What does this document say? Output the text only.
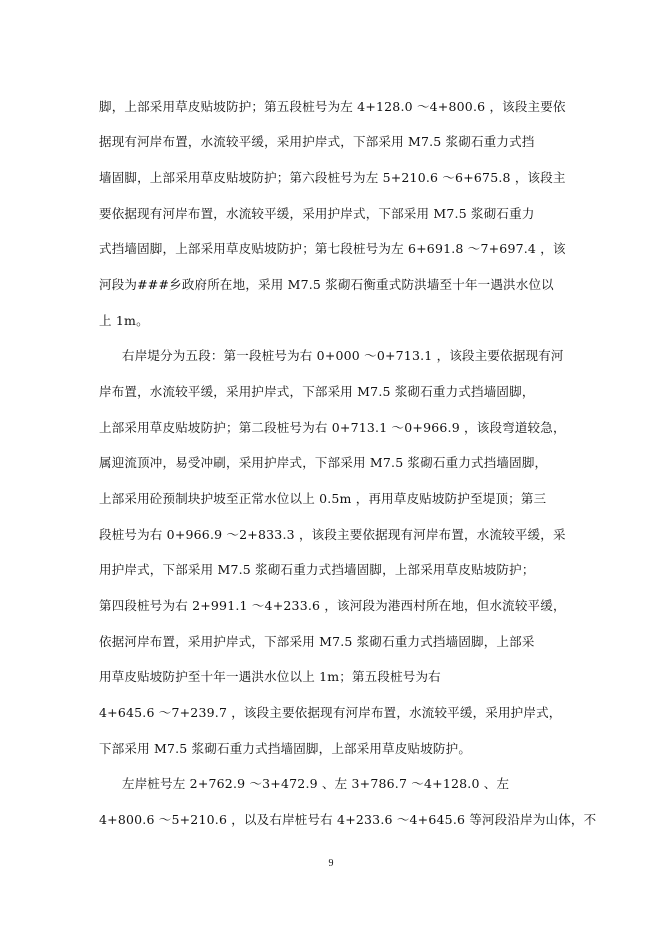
脚，上部采用草皮贴坡防护；第五段桩号为左 4+128.0 ～4+800.6 ，该段主要依
据现有河岸布置，水流较平缓，采用护岸式，下部采用 M7.5 浆砌石重力式挡
墙固脚，上部采用草皮贴坡防护；第六段桩号为左 5+210.6 ～6+675.8 ，该段主
要依据现有河岸布置，水流较平缓，采用护岸式，下部采用 M7.5 浆砌石重力
式挡墙固脚，上部采用草皮贴坡防护；第七段桩号为左 6+691.8 ～7+697.4 ，该
河段为###乡政府所在地，采用 M7.5 浆砌石衡重式防洪墙至十年一遇洪水位以
上 1m。
右岸堤分为五段：第一段桩号为右 0+000 ～0+713.1 ，该段主要依据现有河
岸布置，水流较平缓，采用护岸式，下部采用 M7.5 浆砌石重力式挡墙固脚，
上部采用草皮贴坡防护；第二段桩号为右 0+713.1 ～0+966.9 ，该段弯道较急，
属迎流顶冲，易受冲刷，采用护岸式，下部采用 M7.5 浆砌石重力式挡墙固脚，
上部采用砼预制块护坡至正常水位以上 0.5m ，再用草皮贴坡防护至堤顶；第三
段桩号为右 0+966.9 ～2+833.3 ，该段主要依据现有河岸布置，水流较平缓，采
用护岸式，下部采用 M7.5 浆砌石重力式挡墙固脚，上部采用草皮贴坡防护；
第四段桩号为右 2+991.1 ～4+233.6 ，该河段为港西村所在地，但水流较平缓，
依据河岸布置，采用护岸式，下部采用 M7.5 浆砌石重力式挡墙固脚，上部采
用草皮贴坡防护至十年一遇洪水位以上 1m；第五段桩号为右
4+645.6 ～7+239.7 ，该段主要依据现有河岸布置，水流较平缓，采用护岸式，
下部采用 M7.5 浆砌石重力式挡墙固脚，上部采用草皮贴坡防护。
左岸桩号左 2+762.9 ～3+472.9 、左 3+786.7 ～4+128.0 、左
4+800.6 ～5+210.6 ，以及右岸桩号右 4+233.6 ～4+645.6 等河段沿岸为山体，不
9
